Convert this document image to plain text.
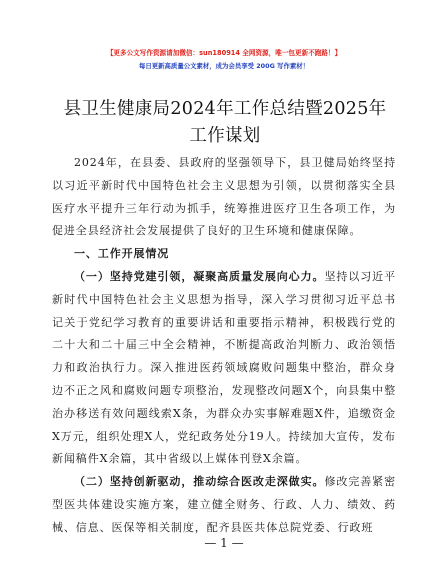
【更多公文写作资源请加微信：sun180914 全网资源，唯一包更新不跑路！】
每日更新高质量公文素材，成为会员享受 200G 写作素材！
县卫生健康局2024年工作总结暨2025年工作谋划

2024年，在县委、县政府的坚强领导下，县卫健局始终坚持以习近平新时代中国特色社会主义思想为引领，以贯彻落实全县医疗水平提升三年行动为抓手，统筹推进医疗卫生各项工作，为促进全县经济社会发展提供了良好的卫生环境和健康保障。

一、工作开展情况

（一）坚持党建引领，凝聚高质量发展向心力。坚持以习近平新时代中国特色社会主义思想为指导，深入学习贯彻习近平总书记关于党纪学习教育的重要讲话和重要指示精神，积极践行党的二十大和二十届三中全会精神，不断提高政治判断力、政治领悟力和政治执行力。深入推进医药领域腐败问题集中整治，群众身边不正之风和腐败问题专项整治，发现整改问题X个，向县集中整治办移送有效问题线索X条，为群众办实事解难题X件，追缴资金X万元，组织处理X人，党纪政务处分19人。持续加大宣传，发布新闻稿件X余篇，其中省级以上媒体刊登X余篇。

（二）坚持创新驱动，推动综合医改走深做实。修改完善紧密型医共体建设实施方案，建立健全财务、行政、人力、绩效、药械、信息、医保等相关制度，配齐县医共体总院党委、行政班

— 1 —
